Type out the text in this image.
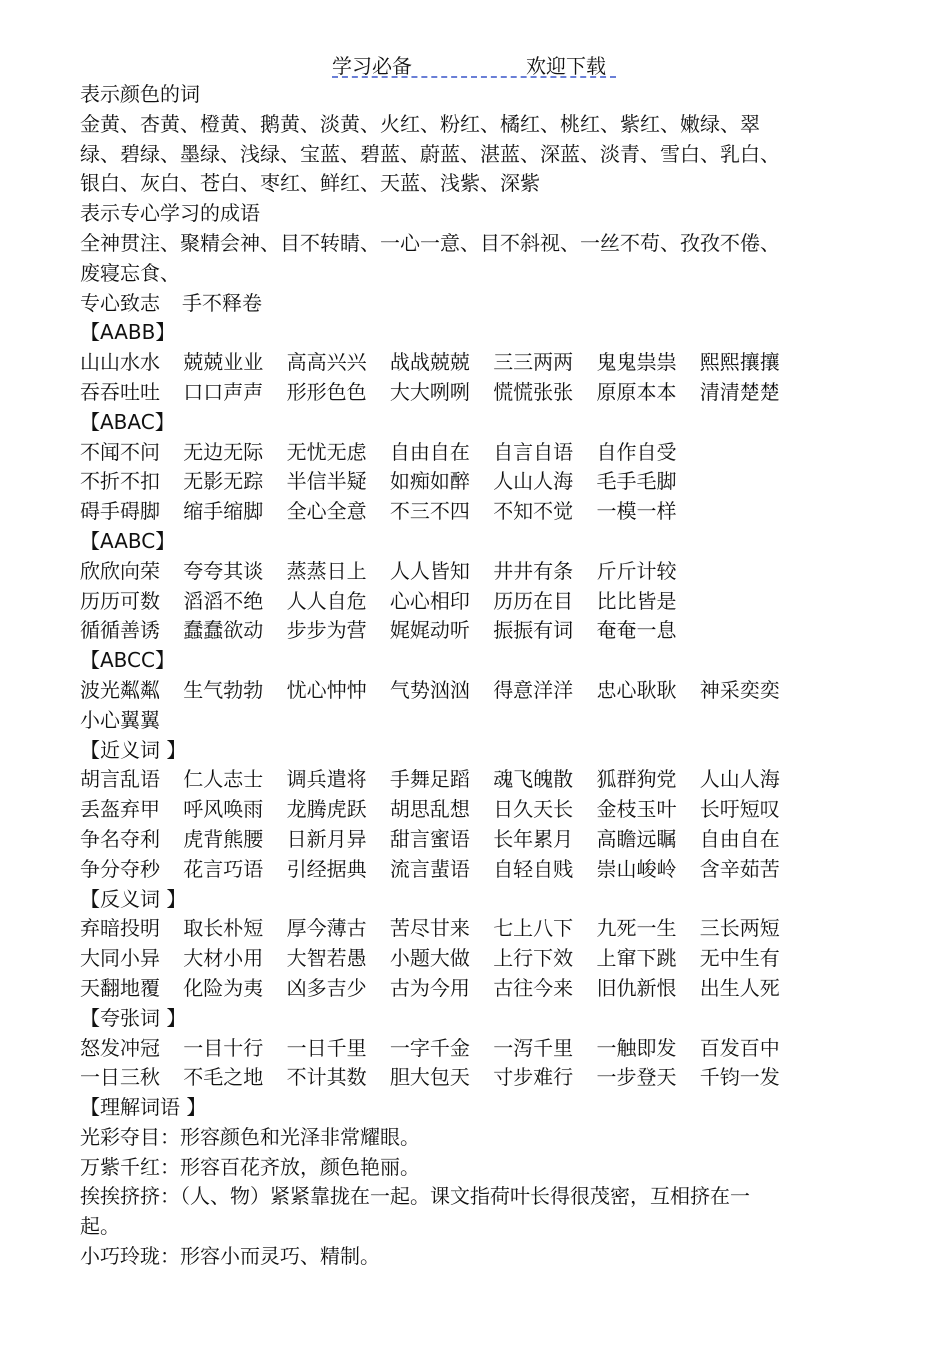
学习必备	欢迎下载
表示颜色的词
金黄、杏黄、橙黄、鹅黄、淡黄、火红、粉红、橘红、桃红、紫红、嫩绿、翠
绿、碧绿、墨绿、浅绿、宝蓝、碧蓝、蔚蓝、湛蓝、深蓝、淡青、雪白、乳白、
银白、灰白、苍白、枣红、鲜红、天蓝、浅紫、深紫
表示专心学习的成语
全神贯注、聚精会神、目不转睛、一心一意、目不斜视、一丝不苟、孜孜不倦、
废寝忘食、
专心致志 手不释卷
【AABB】
山山水水	兢兢业业	高高兴兴	战战兢兢	三三两两	鬼鬼祟祟	熙熙攘攘
吞吞吐吐	口口声声	形形色色	大大咧咧	慌慌张张	原原本本	清清楚楚
【ABAC】
不闻不问	无边无际	无忧无虑	自由自在	自言自语	自作自受
不折不扣	无影无踪	半信半疑	如痴如醉	人山人海	毛手毛脚
碍手碍脚	缩手缩脚	全心全意	不三不四	不知不觉	一模一样
【AABC】
欣欣向荣	夸夸其谈	蒸蒸日上	人人皆知	井井有条	斤斤计较
历历可数	滔滔不绝	人人自危	心心相印	历历在目	比比皆是
循循善诱	蠢蠢欲动	步步为营	娓娓动听	振振有词	奄奄一息
【ABCC】
波光粼粼	生气勃勃	忧心忡忡	气势汹汹	得意洋洋	忠心耿耿	神采奕奕
小心翼翼
【近义词 】
胡言乱语	仁人志士	调兵遣将	手舞足蹈	魂飞魄散	狐群狗党	人山人海
丢盔弃甲	呼风唤雨	龙腾虎跃	胡思乱想	日久天长	金枝玉叶	长吁短叹
争名夺利	虎背熊腰	日新月异	甜言蜜语	长年累月	高瞻远瞩	自由自在
争分夺秒	花言巧语	引经据典	流言蜚语	自轻自贱	崇山峻岭	含辛茹苦
【反义词 】
弃暗投明	取长朴短	厚今薄古	苦尽甘来	七上八下	九死一生	三长两短
大同小异	大材小用	大智若愚	小题大做	上行下效	上窜下跳	无中生有
天翻地覆	化险为夷	凶多吉少	古为今用	古往今来	旧仇新恨	出生人死
【夸张词 】
怒发冲冠	一目十行	一日千里	一字千金	一泻千里	一触即发	百发百中
一日三秋	不毛之地	不计其数	胆大包天	寸步难行	一步登天	千钧一发
【理解词语 】
光彩夺目：形容颜色和光泽非常耀眼。
万紫千红：形容百花齐放，颜色艳丽。
挨挨挤挤：（人、物）紧紧靠拢在一起。课文指荷叶长得很茂密，互相挤在一
起。
小巧玲珑：形容小而灵巧、精制。
